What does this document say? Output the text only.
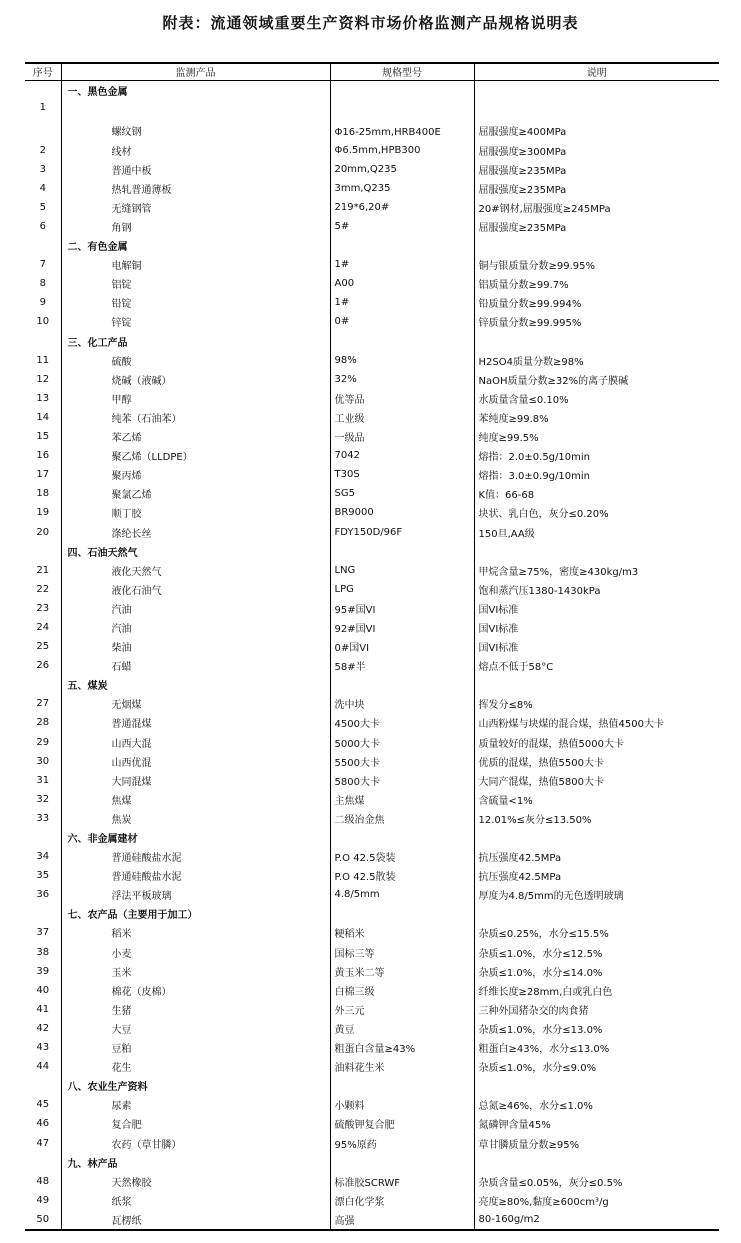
附表：流通领域重要生产资料市场价格监测产品规格说明表
序号	监测产品	规格型号	说明
	一、黑色金属		
1	螺纹钢	Φ16-25mm,HRB400E	屈服强度≥400MPa
2	线材	Φ6.5mm,HPB300	屈服强度≥300MPa
3	普通中板	20mm,Q235	屈服强度≥235MPa
4	热轧普通薄板	3mm,Q235	屈服强度≥235MPa
5	无缝钢管	219*6,20#	20#钢材,屈服强度≥245MPa
6	角钢	5#	屈服强度≥235MPa
	二、有色金属		
7	电解铜	1#	铜与银质量分数≥99.95%
8	铝锭	A00	铝质量分数≥99.7%
9	铅锭	1#	铅质量分数≥99.994%
10	锌锭	0#	锌质量分数≥99.995%
	三、化工产品		
11	硫酸	98%	H2SO4质量分数≥98%
12	烧碱（液碱）	32%	NaOH质量分数≥32%的离子膜碱
13	甲醇	优等品	水质量含量≤0.10%
14	纯苯（石油苯）	工业级	苯纯度≥99.8%
15	苯乙烯	一级品	纯度≥99.5%
16	聚乙烯（LLDPE）	7042	熔指：2.0±0.5g/10min
17	聚丙烯	T30S	熔指：3.0±0.9g/10min
18	聚氯乙烯	SG5	K值：66-68
19	顺丁胶	BR9000	块状、乳白色，灰分≤0.20%
20	涤纶长丝	FDY150D/96F	150旦,AA级
	四、石油天然气		
21	液化天然气	LNG	甲烷含量≥75%，密度≥430kg/m3
22	液化石油气	LPG	饱和蒸汽压1380-1430kPa
23	汽油	95#国VI	国VI标准
24	汽油	92#国VI	国VI标准
25	柴油	0#国VI	国VI标准
26	石蜡	58#半	熔点不低于58°C
	五、煤炭		
27	无烟煤	洗中块	挥发分≤8%
28	普通混煤	4500大卡	山西粉煤与块煤的混合煤，热值4500大卡
29	山西大混	5000大卡	质量较好的混煤，热值5000大卡
30	山西优混	5500大卡	优质的混煤，热值5500大卡
31	大同混煤	5800大卡	大同产混煤，热值5800大卡
32	焦煤	主焦煤	含硫量<1%
33	焦炭	二级冶金焦	12.01%≤灰分≤13.50%
	六、非金属建材		
34	普通硅酸盐水泥	P.O 42.5袋装	抗压强度42.5MPa
35	普通硅酸盐水泥	P.O 42.5散装	抗压强度42.5MPa
36	浮法平板玻璃	4.8/5mm	厚度为4.8/5mm的无色透明玻璃
	七、农产品（主要用于加工）		
37	稻米	粳稻米	杂质≤0.25%，水分≤15.5%
38	小麦	国标三等	杂质≤1.0%，水分≤12.5%
39	玉米	黄玉米二等	杂质≤1.0%，水分≤14.0%
40	棉花（皮棉）	白棉三级	纤维长度≥28mm,白或乳白色
41	生猪	外三元	三种外国猪杂交的肉食猪
42	大豆	黄豆	杂质≤1.0%，水分≤13.0%
43	豆粕	粗蛋白含量≥43%	粗蛋白≥43%，水分≤13.0%
44	花生	油料花生米	杂质≤1.0%，水分≤9.0%
	八、农业生产资料		
45	尿素	小颗料	总氮≥46%，水分≤1.0%
46	复合肥	硫酸钾复合肥	氮磷钾含量45%
47	农药（草甘膦）	95%原药	草甘膦质量分数≥95%
	九、林产品		
48	天然橡胶	标准胶SCRWF	杂质含量≤0.05%，灰分≤0.5%
49	纸浆	漂白化学浆	亮度≥80%,黏度≥600cm³/g
50	瓦楞纸	高强	80-160g/m2
